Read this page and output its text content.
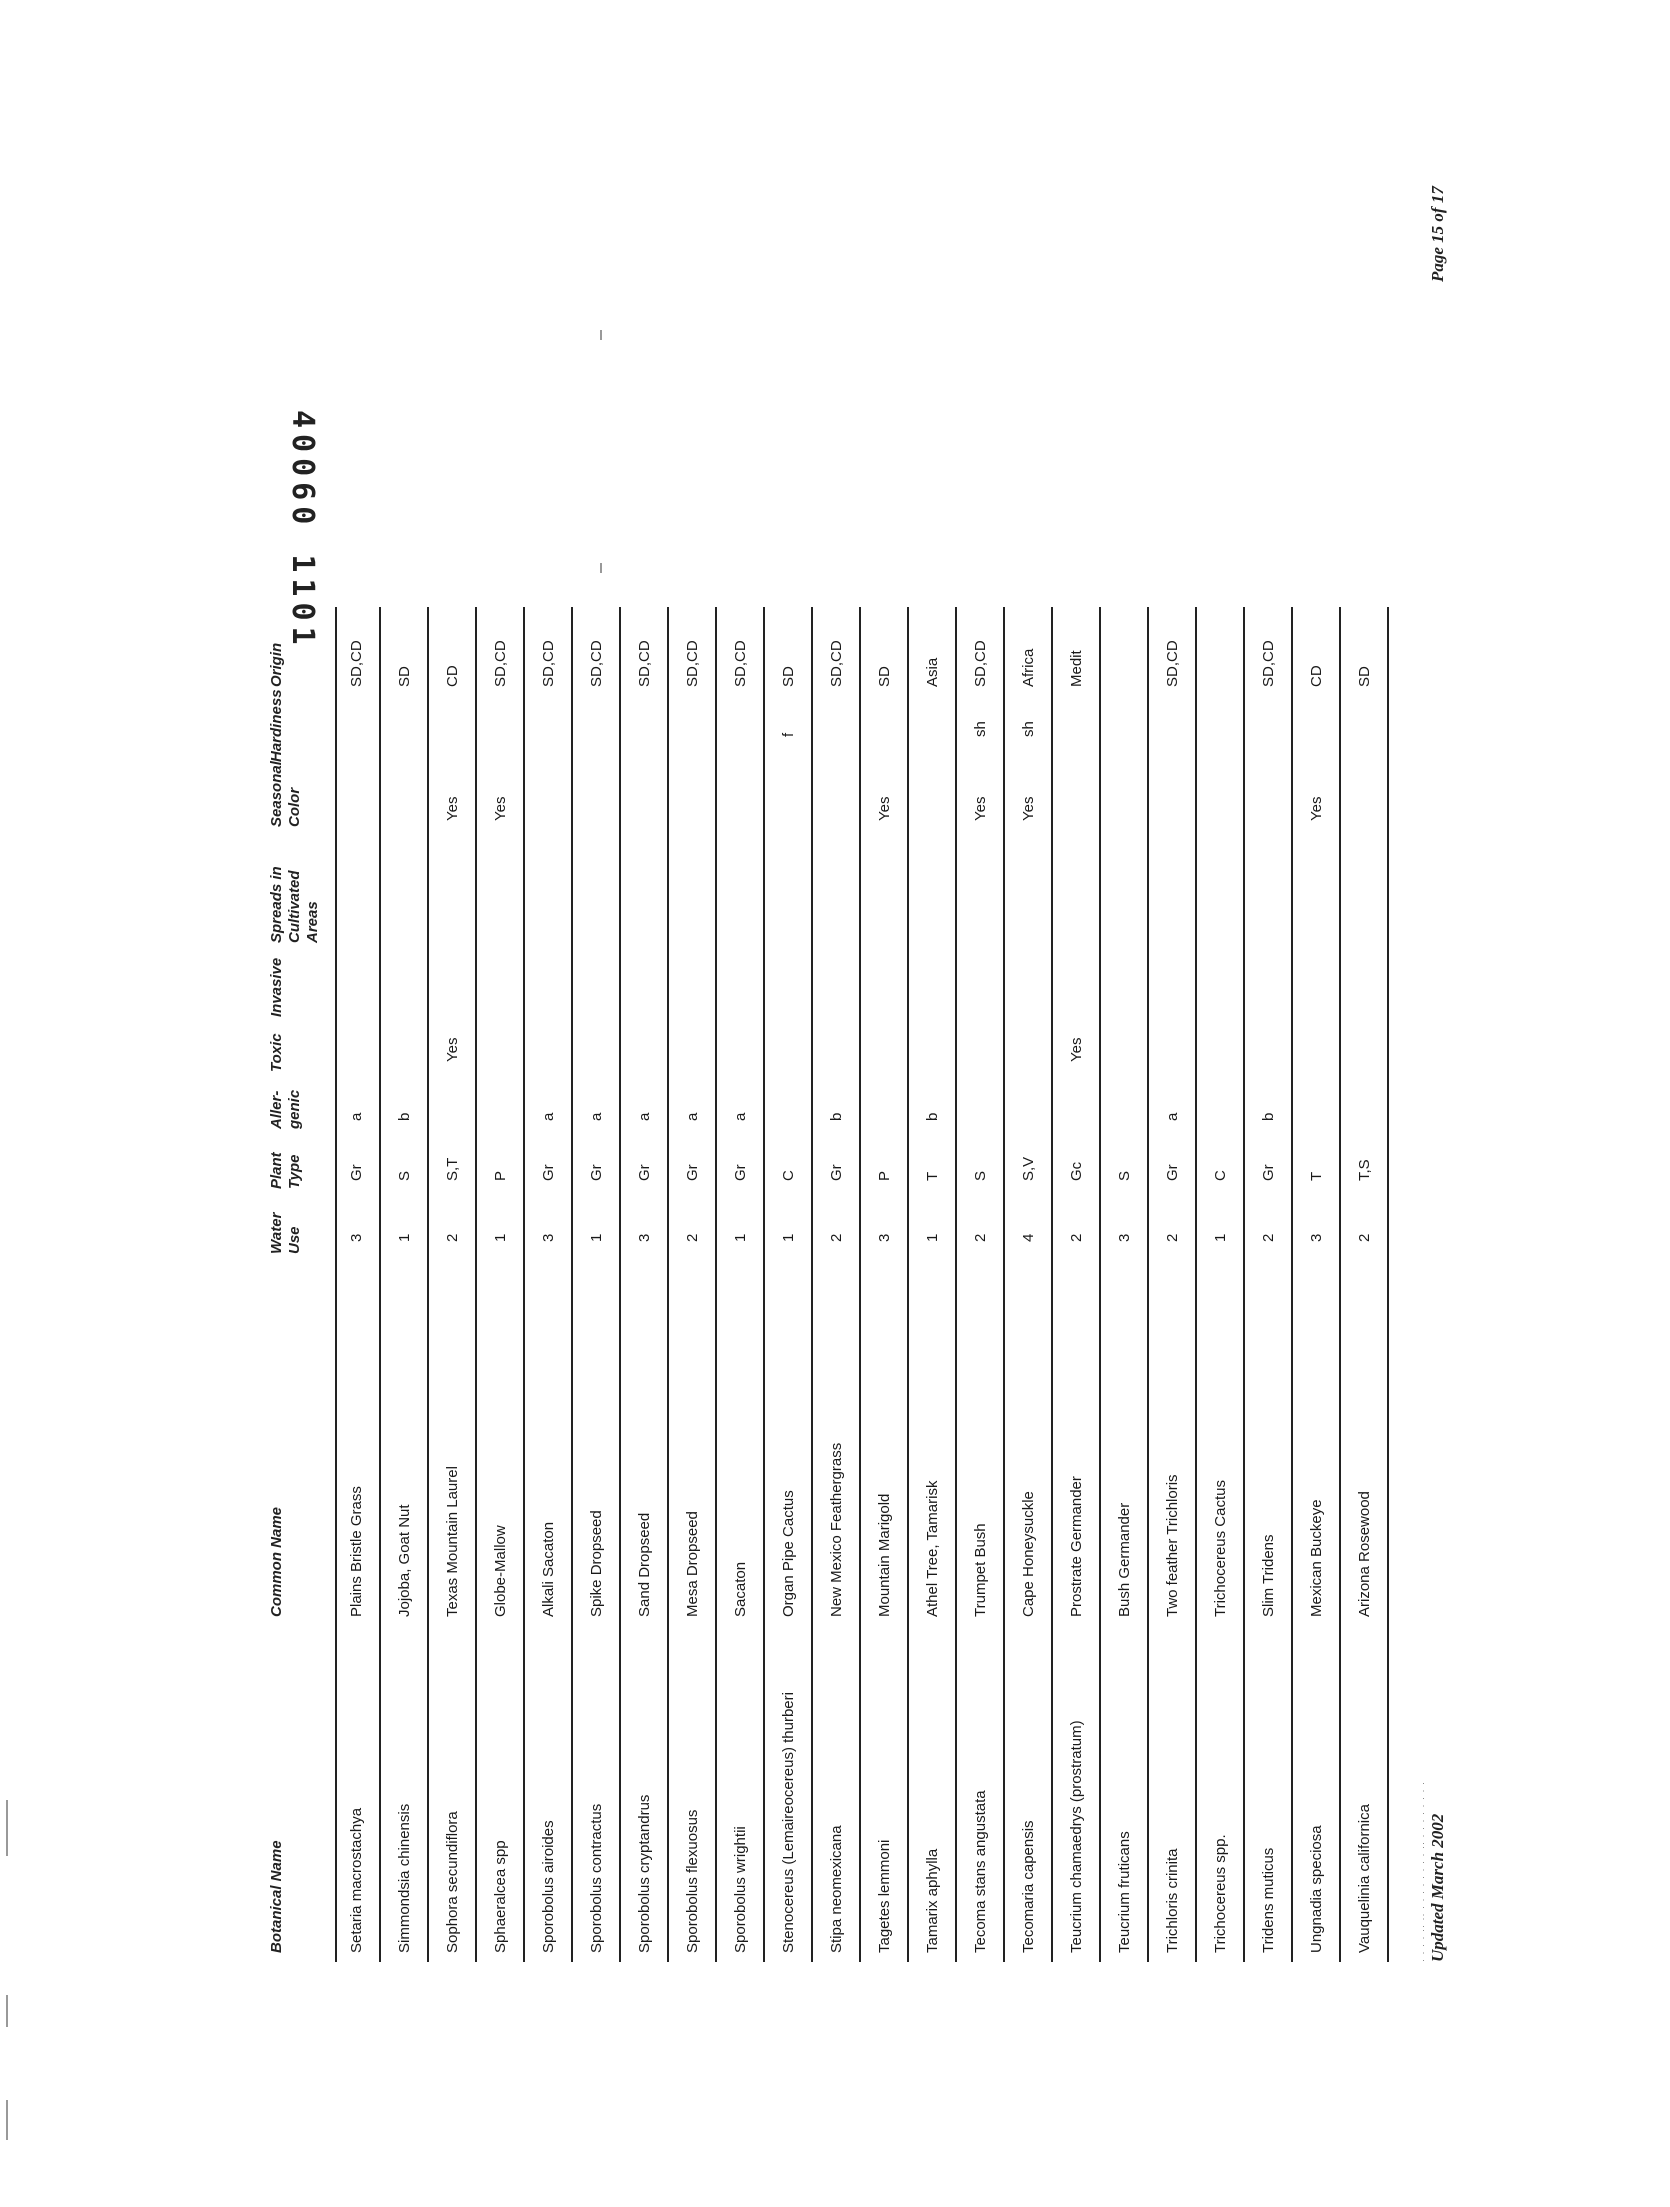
Botanical Name
Common Name
Water
Use
Plant
Type
Aller-
genic
Toxic
Invasive
Spreads in
Cultivated
Areas
Seasonal
Color
Hardiness
Origin
Setaria macrostachya
Plains Bristle Grass
3
Gr
a
SD,CD
Simmondsia chinensis
Jojoba, Goat Nut
1
S
b
SD
Sophora secundiflora
Texas Mountain Laurel
2
S,T
Yes
Yes
CD
Sphaeralcea spp
Globe-Mallow
1
P
Yes
SD,CD
Sporobolus airoides
Alkali Sacaton
3
Gr
a
SD,CD
Sporobolus contractus
Spike Dropseed
1
Gr
a
SD,CD
Sporobolus cryptandrus
Sand Dropseed
3
Gr
a
SD,CD
Sporobolus flexuosus
Mesa Dropseed
2
Gr
a
SD,CD
Sporobolus wrightii
Sacaton
1
Gr
a
SD,CD
Stenocereus (Lemaireocereus) thurberi
Organ Pipe Cactus
1
C
f
SD
Stipa neomexicana
New Mexico Feathergrass
2
Gr
b
SD,CD
Tagetes lemmoni
Mountain Marigold
3
P
Yes
SD
Tamarix aphylla
Athel Tree, Tamarisk
1
T
b
Asia
Tecoma stans angustata
Trumpet Bush
2
S
Yes
sh
SD,CD
Tecomaria capensis
Cape Honeysuckle
4
S,V
Yes
sh
Africa
Teucrium chamaedrys (prostratum)
Prostrate Germander
2
Gc
Yes
Medit
Teucrium fruticans
Bush Germander
3
S
Trichloris crinita
Two feather Trichloris
2
Gr
a
SD,CD
Trichocereus spp.
Trichocereus Cactus
1
C
Tridens muticus
Slim Tridens
2
Gr
b
SD,CD
Ungnadia speciosa
Mexican Buckeye
3
T
Yes
CD
Vauquelinia californica
Arizona Rosewood
2
T,S
SD
· · · · ·· ·· · · · · · · · · ·· · · · · · · · · Updated March 2002
Page 15 of 17
40060 1101
